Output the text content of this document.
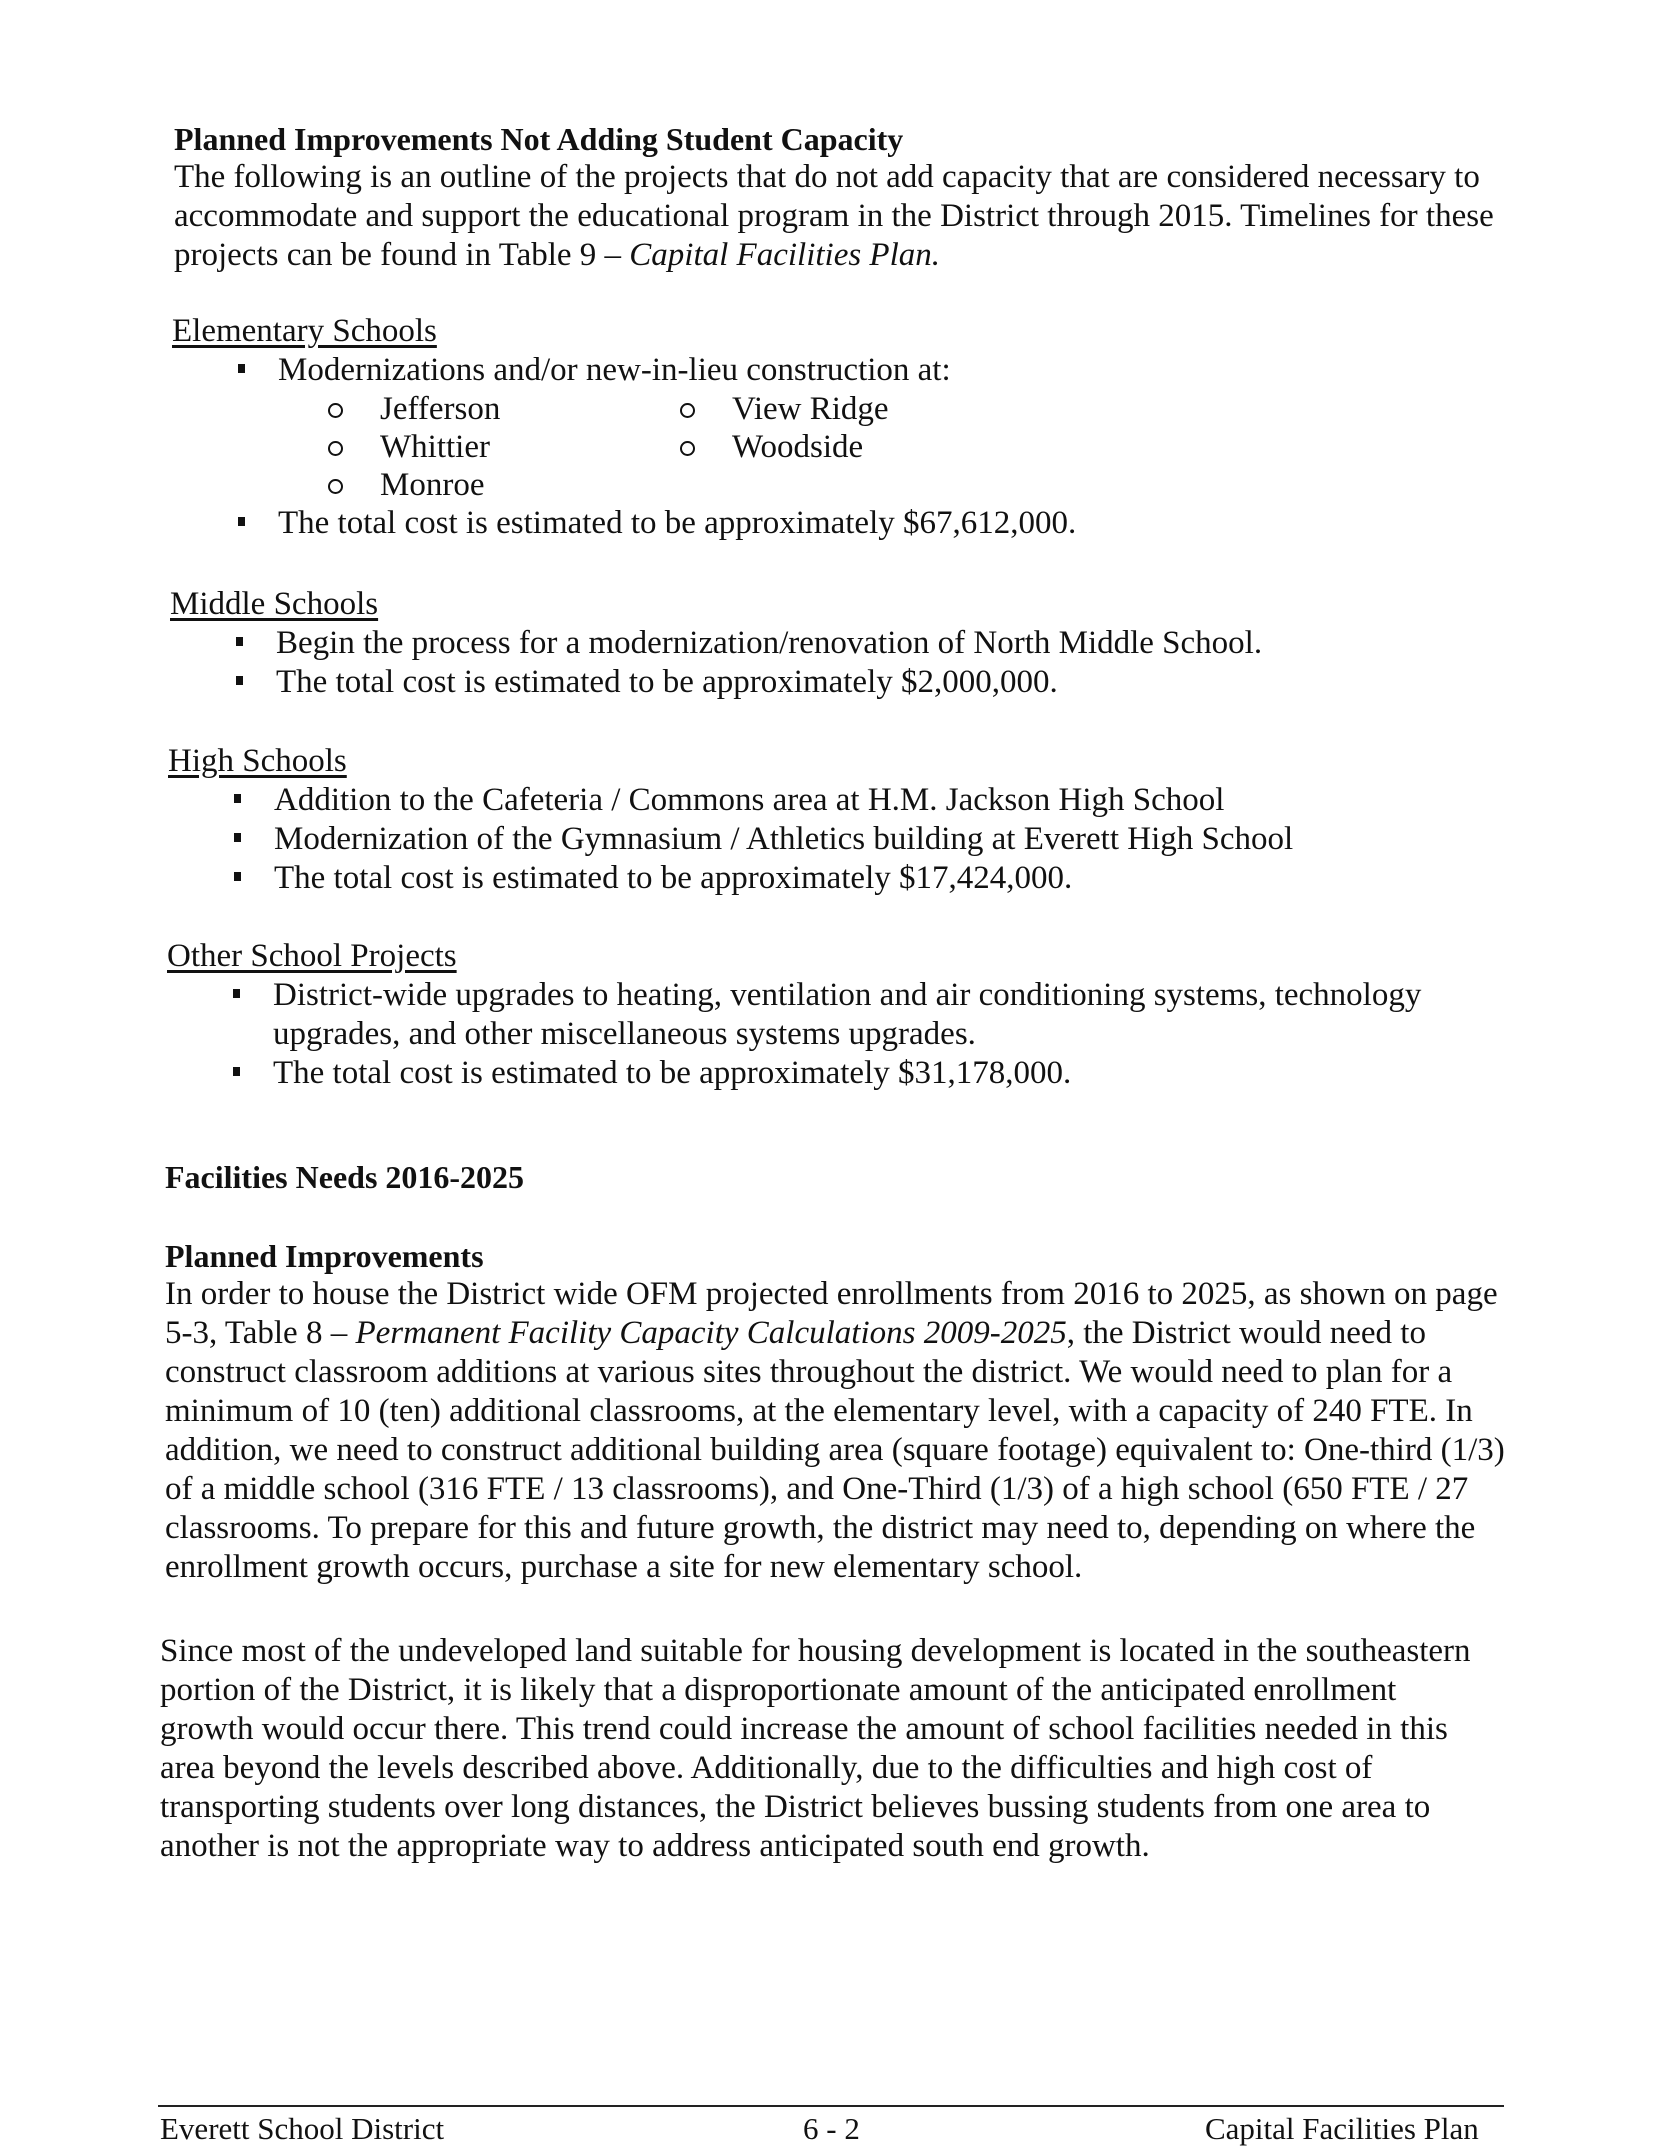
Planned Improvements Not Adding Student Capacity

The following is an outline of the projects that do not add capacity that are considered necessary to accommodate and support the educational program in the District through 2015. Timelines for these projects can be found in Table 9 – Capital Facilities Plan.

Elementary Schools
Modernizations and/or new-in-lieu construction at:
Jefferson	View Ridge
Whittier	Woodside
Monroe
The total cost is estimated to be approximately $67,612,000.
Middle Schools
Begin the process for a modernization/renovation of North Middle School.
The total cost is estimated to be approximately $2,000,000.
High Schools
Addition to the Cafeteria / Commons area at H.M. Jackson High School
Modernization of the Gymnasium / Athletics building at Everett High School
The total cost is estimated to be approximately $17,424,000.
Other School Projects
District-wide upgrades to heating, ventilation and air conditioning systems, technology upgrades, and other miscellaneous systems upgrades.
The total cost is estimated to be approximately $31,178,000.
Facilities Needs 2016-2025
Planned Improvements

In order to house the District wide OFM projected enrollments from 2016 to 2025, as shown on page 5-3, Table 8 – Permanent Facility Capacity Calculations 2009-2025, the District would need to construct classroom additions at various sites throughout the district. We would need to plan for a minimum of 10 (ten) additional classrooms, at the elementary level, with a capacity of 240 FTE. In addition, we need to construct additional building area (square footage) equivalent to: One-third (1/3) of a middle school (316 FTE / 13 classrooms), and One-Third (1/3) of a high school (650 FTE / 27 classrooms. To prepare for this and future growth, the district may need to, depending on where the enrollment growth occurs, purchase a site for new elementary school.

Since most of the undeveloped land suitable for housing development is located in the southeastern portion of the District, it is likely that a disproportionate amount of the anticipated enrollment growth would occur there. This trend could increase the amount of school facilities needed in this area beyond the levels described above. Additionally, due to the difficulties and high cost of transporting students over long distances, the District believes bussing students from one area to another is not the appropriate way to address anticipated south end growth.

Everett School District	6 - 2	Capital Facilities Plan
